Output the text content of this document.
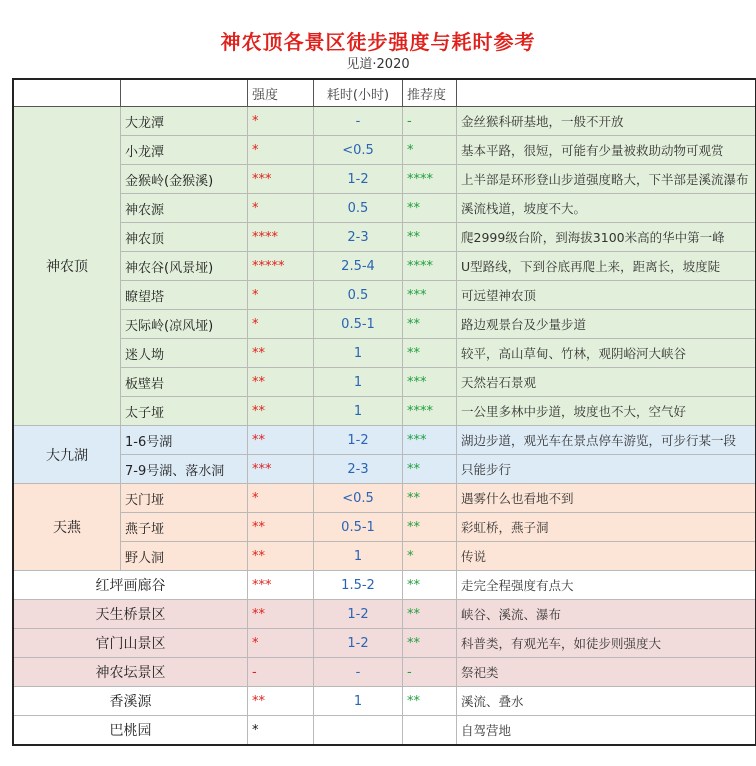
神农顶各景区徒步强度与耗时参考
见道·2020
		强度	耗时(小时)	推荐度	
神农顶	大龙潭	*	-	-	金丝猴科研基地，一般不开放
	小龙潭	*	<0.5	*	基本平路，很短，可能有少量被救助动物可观赏
	金猴岭(金猴溪)	***	1-2	****	上半部是环形登山步道强度略大，下半部是溪流瀑布
	神农源	*	0.5	**	溪流栈道，坡度不大。
	神农顶	****	2-3	**	爬2999级台阶，到海拔3100米高的华中第一峰
	神农谷(风景垭)	*****	2.5-4	****	U型路线，下到谷底再爬上来，距离长，坡度陡
	瞭望塔	*	0.5	***	可远望神农顶
	天际岭(凉风垭)	*	0.5-1	**	路边观景台及少量步道
	迷人坳	**	1	**	较平，高山草甸、竹林，观阴峪河大峡谷
	板壁岩	**	1	***	天然岩石景观
	太子垭	**	1	****	一公里多林中步道，坡度也不大，空气好
大九湖	1-6号湖	**	1-2	***	湖边步道，观光车在景点停车游览，可步行某一段
	7-9号湖、落水洞	***	2-3	**	只能步行
天燕	天门垭	*	<0.5	**	遇雾什么也看地不到
	燕子垭	**	0.5-1	**	彩虹桥，燕子洞
	野人洞	**	1	*	传说
红坪画廊谷		***	1.5-2	**	走完全程强度有点大
天生桥景区		**	1-2	**	峡谷、溪流、瀑布
官门山景区		*	1-2	**	科普类，有观光车，如徒步则强度大
神农坛景区		-	-	-	祭祀类
香溪源		**	1	**	溪流、叠水
巴桃园		*			自驾营地
